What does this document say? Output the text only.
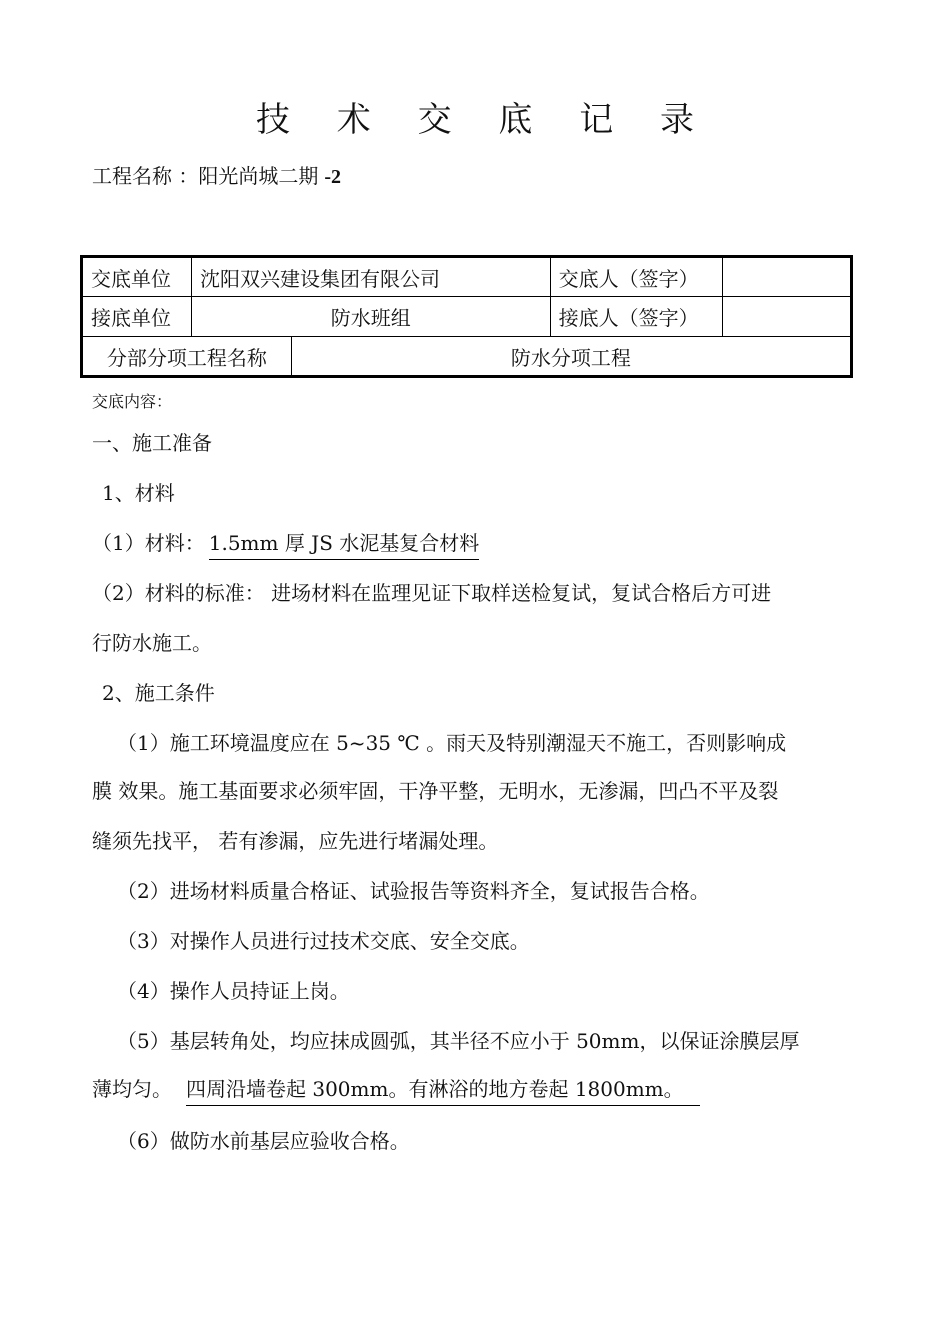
技 术 交 底 记 录
工程名称 ：阳光尚城二期 -2
交底单位	沈阳双兴建设集团有限公司		交底人（签字）	
接底单位	防水班组		接底人（签字）	
分部分项工程名称		防水分项工程		
交底内容：
一、施工准备
1、材料
（1）材料： 1.5mm 厚 JS 水泥基复合材料
（2）材料的标准： 进场材料在监理见证下取样送检复试，复试合格后方可进
行防水施工。
2、施工条件
（1）施工环境温度应在 5~35 ℃ 。雨天及特别潮湿天不施工，否则影响成
膜 效果。施工基面要求必须牢固，干净平整，无明水，无渗漏，凹凸不平及裂
缝须先找平， 若有渗漏，应先进行堵漏处理。
（2）进场材料质量合格证、试验报告等资料齐全，复试报告合格。
（3）对操作人员进行过技术交底、安全交底。
（4）操作人员持证上岗。
（5）基层转角处，均应抹成圆弧，其半径不应小于 50mm，以保证涂膜层厚
薄均匀。 四周沿墙卷起 300mm。有淋浴的地方卷起 1800mm。
（6）做防水前基层应验收合格。
